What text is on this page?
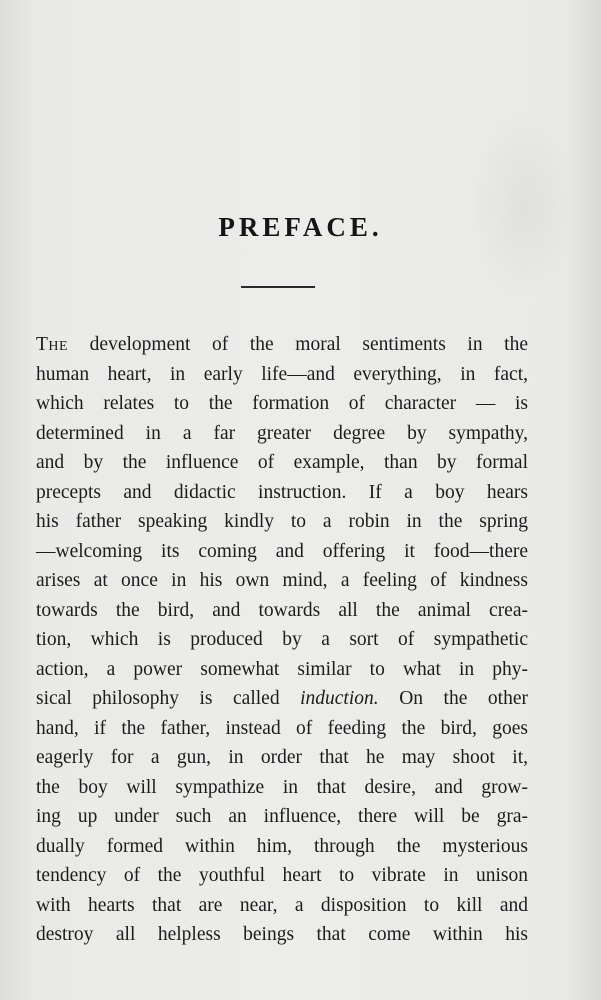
PREFACE.
The development of the moral sentiments in the
human heart, in early life—and everything, in fact,
which relates to the formation of character — is
determined in a far greater degree by sympathy,
and by the influence of example, than by formal
precepts and didactic instruction. If a boy hears
his father speaking kindly to a robin in the spring
—welcoming its coming and offering it food—there
arises at once in his own mind, a feeling of kindness
towards the bird, and towards all the animal crea-
tion, which is produced by a sort of sympathetic
action, a power somewhat similar to what in phy-
sical philosophy is called induction. On the other
hand, if the father, instead of feeding the bird, goes
eagerly for a gun, in order that he may shoot it,
the boy will sympathize in that desire, and grow-
ing up under such an influence, there will be gra-
dually formed within him, through the mysterious
tendency of the youthful heart to vibrate in unison
with hearts that are near, a disposition to kill and
destroy all helpless beings that come within his
